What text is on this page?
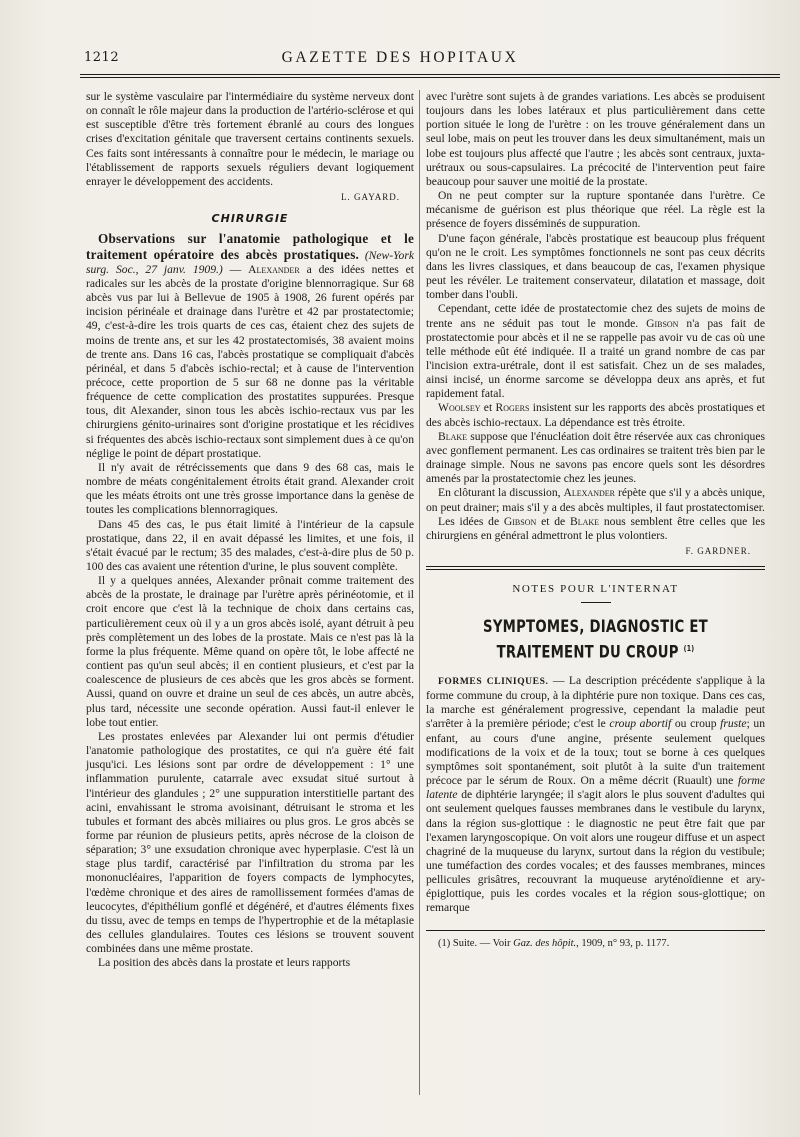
1212	GAZETTE DES HOPITAUX

sur le système vasculaire par l'intermédiaire du système nerveux dont on connaît le rôle majeur dans la production de l'artério-sclérose et qui est susceptible d'être très fortement ébranlé au cours des longues crises d'excitation génitale que traversent certains continents sexuels. Ces faits sont intéressants à connaître pour le médecin, le mariage ou l'établissement de rapports sexuels réguliers devant logiquement enrayer le développement des accidents.

L. GAYARD.
CHIRURGIE

Observations sur l'anatomie pathologique et le traitement opératoire des abcès prostatiques. (New-York surg. Soc., 27 janv. 1909.) — Alexander a des idées nettes et radicales sur les abcès de la prostate d'origine blennorragique. Sur 68 abcès vus par lui à Bellevue de 1905 à 1908, 26 furent opérés par incision périnéale et drainage dans l'urètre et 42 par prostatectomie; 49, c'est-à-dire les trois quarts de ces cas, étaient chez des sujets de moins de trente ans, et sur les 42 prostatectomisés, 38 avaient moins de trente ans. Dans 16 cas, l'abcès prostatique se compliquait d'abcès périnéal, et dans 5 d'abcès ischio-rectal; et à cause de l'intervention précoce, cette proportion de 5 sur 68 ne donne pas la véritable fréquence de cette complication des prostatites suppurées. Presque tous, dit Alexander, sinon tous les abcès ischio-rectaux vus par les chirurgiens génito-urinaires sont d'origine prostatique et les récidives si fréquentes des abcès ischio-rectaux sont simplement dues à ce qu'on néglige le point de départ prostatique.

Il n'y avait de rétrécissements que dans 9 des 68 cas, mais le nombre de méats congénitalement étroits était grand. Alexander croit que les méats étroits ont une très grosse importance dans la genèse de toutes les complications blennorragiques.

Dans 45 des cas, le pus était limité à l'intérieur de la capsule prostatique, dans 22, il en avait dépassé les limites, et une fois, il s'était évacué par le rectum; 35 des malades, c'est-à-dire plus de 50 p. 100 des cas avaient une rétention d'urine, le plus souvent complète.

Il y a quelques années, Alexander prônait comme traitement des abcès de la prostate, le drainage par l'urètre après périnéotomie, et il croit encore que c'est là la technique de choix dans certains cas, particulièrement ceux où il y a un gros abcès isolé, ayant détruit à peu près complètement un des lobes de la prostate. Mais ce n'est pas là la forme la plus fréquente. Même quand on opère tôt, le lobe affecté ne contient pas qu'un seul abcès; il en contient plusieurs, et c'est par la coalescence de plusieurs de ces abcès que les gros abcès se forment. Aussi, quand on ouvre et draine un seul de ces abcès, un autre abcès, plus tard, nécessite une seconde opération. Aussi faut-il enlever le lobe tout entier.

Les prostates enlevées par Alexander lui ont permis d'étudier l'anatomie pathologique des prostatites, ce qui n'a guère été fait jusqu'ici. Les lésions sont par ordre de développement : 1° une inflammation purulente, catarrale avec exsudat situé surtout à l'intérieur des glandules ; 2° une suppuration interstitielle partant des acini, envahissant le stroma avoisinant, détruisant le stroma et les tubules et formant des abcès miliaires ou plus gros. Le gros abcès se forme par réunion de plusieurs petits, après nécrose de la cloison de séparation; 3° une exsudation chronique avec hyperplasie. C'est là un stage plus tardif, caractérisé par l'infiltration du stroma par les mononucléaires, l'apparition de foyers compacts de lymphocytes, l'œdème chronique et des aires de ramollissement formées d'amas de leucocytes, d'épithélium gonflé et dégénéré, et d'autres éléments fixes du tissu, avec de temps en temps de l'hypertrophie et de la métaplasie des cellules glandulaires. Toutes ces lésions se trouvent souvent combinées dans une même prostate.

La position des abcès dans la prostate et leurs rapports

avec l'urètre sont sujets à de grandes variations. Les abcès se produisent toujours dans les lobes latéraux et plus particulièrement dans cette portion située le long de l'urètre : on les trouve généralement dans un seul lobe, mais on peut les trouver dans les deux simultanément, mais un lobe est toujours plus affecté que l'autre ; les abcès sont centraux, juxta-urétraux ou sous-capsulaires. La précocité de l'intervention peut faire beaucoup pour sauver une moitié de la prostate.

On ne peut compter sur la rupture spontanée dans l'urètre. Ce mécanisme de guérison est plus théorique que réel. La règle est la présence de foyers disséminés de suppuration.

D'une façon générale, l'abcès prostatique est beaucoup plus fréquent qu'on ne le croit. Les symptômes fonctionnels ne sont pas ceux décrits dans les livres classiques, et dans beaucoup de cas, l'examen physique peut les révéler. Le traitement conservateur, dilatation et massage, doit tomber dans l'oubli.

Cependant, cette idée de prostatectomie chez des sujets de moins de trente ans ne séduit pas tout le monde. Gibson n'a pas fait de prostatectomie pour abcès et il ne se rappelle pas avoir vu de cas où une telle méthode eût été indiquée. Il a traité un grand nombre de cas par l'incision extra-urétrale, dont il est satisfait. Chez un de ses malades, ainsi incisé, un énorme sarcome se développa deux ans après, et fut rapidement fatal.

Woolsey et Rogers insistent sur les rapports des abcès prostatiques et des abcès ischio-rectaux. La dépendance est très étroite.

Blake suppose que l'énucléation doit être réservée aux cas chroniques avec gonflement permanent. Les cas ordinaires se traitent très bien par le drainage simple. Nous ne savons pas encore quels sont les désordres amenés par la prostatectomie chez les jeunes.

En clôturant la discussion, Alexander répète que s'il y a abcès unique, on peut drainer; mais s'il y a des abcès multiples, il faut prostatectomiser.

Les idées de Gibson et de Blake nous semblent être celles que les chirurgiens en général admettront le plus volontiers.

F. GARDNER.
NOTES POUR L'INTERNAT
SYMPTOMES, DIAGNOSTIC ET TRAITEMENT DU CROUP $^{(1)}$

FORMES CLINIQUES. — La description précédente s'applique à la forme commune du croup, à la diphtérie pure non toxique. Dans ces cas, la marche est généralement progressive, cependant la maladie peut s'arrêter à la première période; c'est le croup abortif ou croup fruste; un enfant, au cours d'une angine, présente seulement quelques modifications de la voix et de la toux; tout se borne à ces quelques symptômes soit spontanément, soit plutôt à la suite d'un traitement précoce par le sérum de Roux. On a même décrit (Ruault) une forme latente de diphtérie laryngée; il s'agit alors le plus souvent d'adultes qui ont seulement quelques fausses membranes dans le vestibule du larynx, dans la région sus-glottique : le diagnostic ne peut être fait que par l'examen laryngoscopique. On voit alors une rougeur diffuse et un aspect chagriné de la muqueuse du larynx, surtout dans la région du vestibule; une tuméfaction des cordes vocales; et des fausses membranes, minces pellicules grisâtres, recouvrant la muqueuse aryténoïdienne et ary-épiglottique, puis les cordes vocales et la région sous-glottique; on remarque

(1) Suite. — Voir Gaz. des hôpit., 1909, n° 93, p. 1177.
